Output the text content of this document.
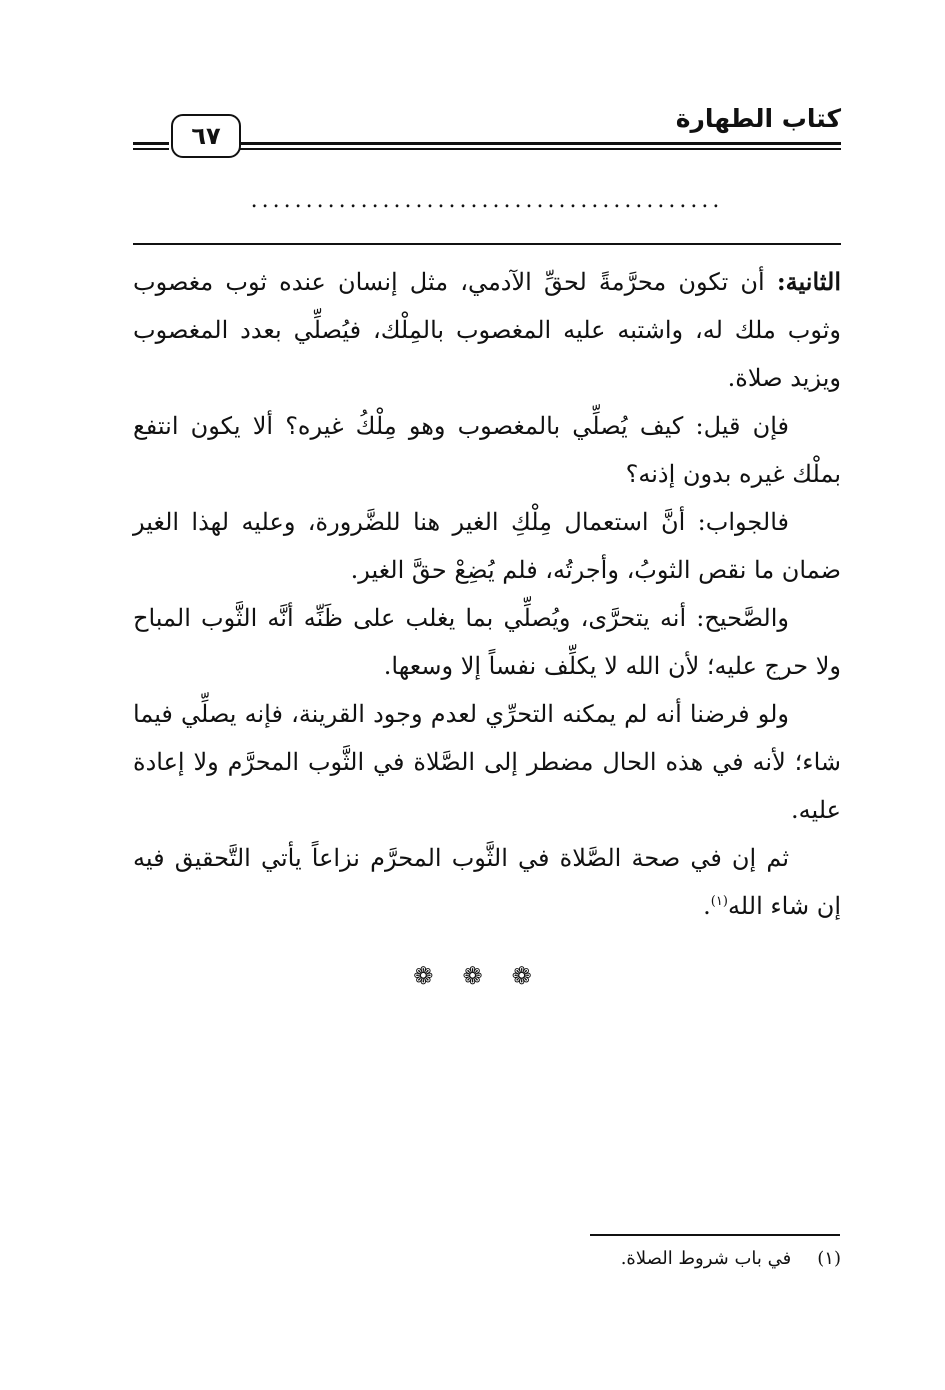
كتاب الطهارة
٦٧
...........................................

الثانية: أن تكون محرَّمةً لحقِّ الآدمي، مثل إنسان عنده ثوب مغصوب وثوب ملك له، واشتبه عليه المغصوب بالمِلْك، فيُصلِّي بعدد المغصوب ويزيد صلاة.

فإن قيل: كيف يُصلِّي بالمغصوب وهو مِلْكُ غيره؟ ألا يكون انتفع بملْك غيره بدون إذنه؟

فالجواب: أنَّ استعمال مِلْكِ الغير هنا للضَّرورة، وعليه لهذا الغير ضمان ما نقص الثوبُ، وأجرتُه، فلم يُضِعْ حقَّ الغير.

والصَّحيح: أنه يتحرَّى، ويُصلِّي بما يغلب على ظَنِّه أنَّه الثَّوب المباح ولا حرج عليه؛ لأن الله لا يكلِّف نفساً إلا وسعها.

ولو فرضنا أنه لم يمكنه التحرِّي لعدم وجود القرينة، فإنه يصلِّي فيما شاء؛ لأنه في هذه الحال مضطر إلى الصَّلاة في الثَّوب المحرَّم ولا إعادة عليه.

ثم إن في صحة الصَّلاة في الثَّوب المحرَّم نزاعاً يأتي التَّحقيق فيه إن شاء الله$^{(١)}$.

❁ ❁ ❁
(١)في باب شروط الصلاة.
